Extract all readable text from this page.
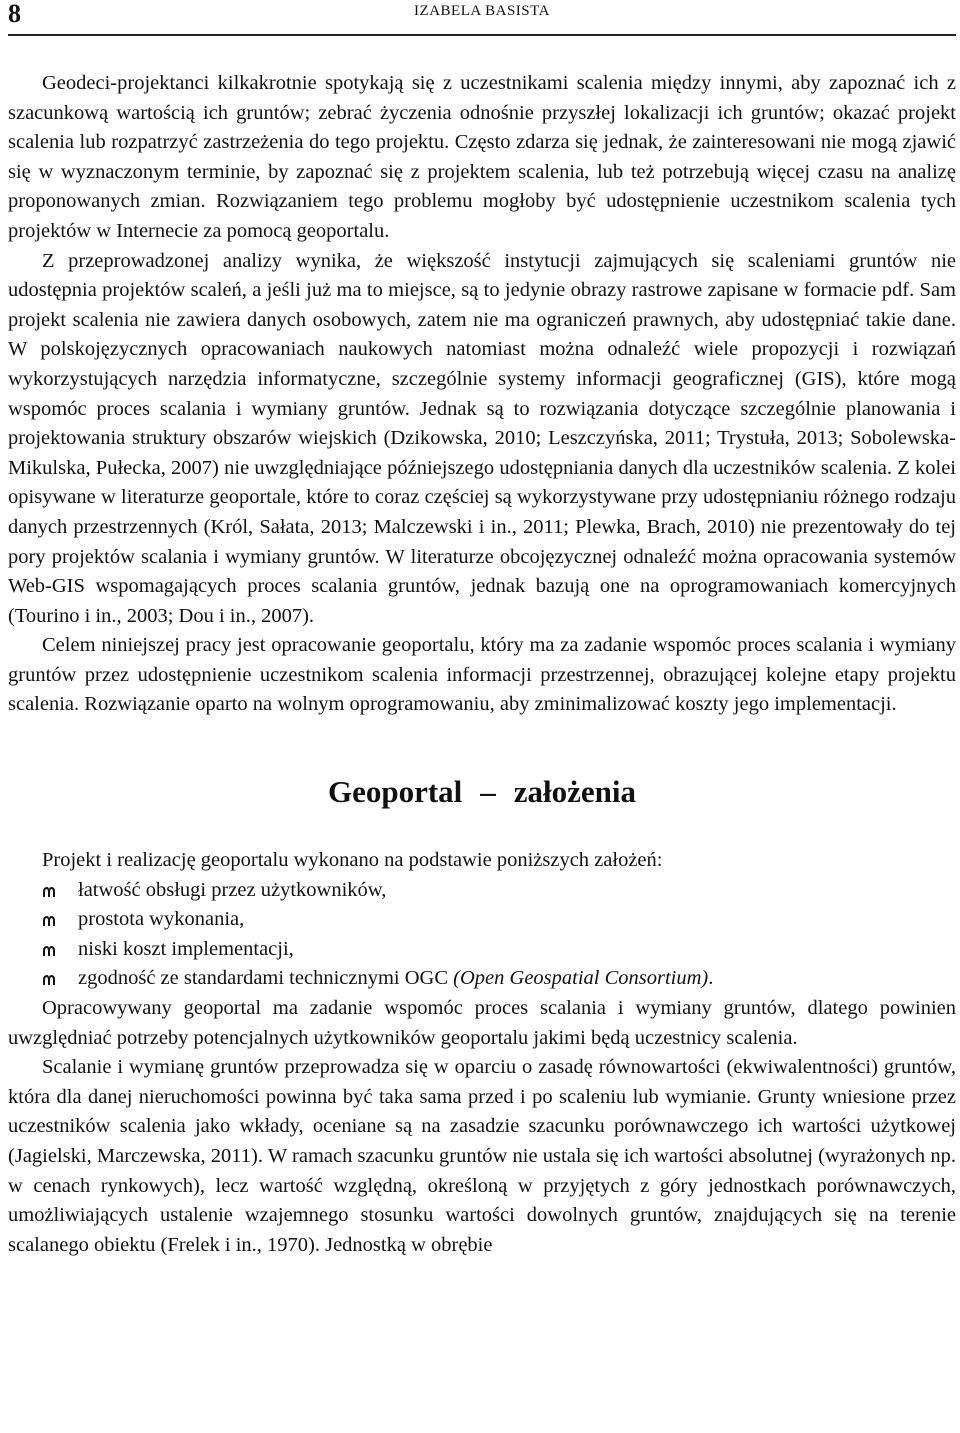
8	IZABELA BASISTA

Geodeci-projektanci kilkakrotnie spotykają się z uczestnikami scalenia między innymi, aby zapoznać ich z szacunkową wartością ich gruntów; zebrać życzenia odnośnie przyszłej lokalizacji ich gruntów; okazać projekt scalenia lub rozpatrzyć zastrzeżenia do tego projektu. Często zdarza się jednak, że zainteresowani nie mogą zjawić się w wyznaczonym terminie, by zapoznać się z projektem scalenia, lub też potrzebują więcej czasu na analizę proponowanych zmian. Rozwiązaniem tego problemu mogłoby być udostępnienie uczestnikom scalenia tych projektów w Internecie za pomocą geoportalu.

Z przeprowadzonej analizy wynika, że większość instytucji zajmujących się scaleniami gruntów nie udostępnia projektów scaleń, a jeśli już ma to miejsce, są to jedynie obrazy rastrowe zapisane w formacie pdf. Sam projekt scalenia nie zawiera danych osobowych, zatem nie ma ograniczeń prawnych, aby udostępniać takie dane. W polskojęzycznych opracowaniach naukowych natomiast można odnaleźć wiele propozycji i rozwiązań wykorzystujących narzędzia informatyczne, szczególnie systemy informacji geograficznej (GIS), które mogą wspomóc proces scalania i wymiany gruntów. Jednak są to rozwiązania dotyczące szczególnie planowania i projektowania struktury obszarów wiejskich (Dzikowska, 2010; Leszczyńska, 2011; Trystuła, 2013; Sobolewska-Mikulska, Pułecka, 2007) nie uwzględniające późniejszego udostępniania danych dla uczestników scalenia. Z kolei opisywane w literaturze geoportale, które to coraz częściej są wykorzystywane przy udostępnianiu różnego rodzaju danych przestrzennych (Król, Sałata, 2013; Malczewski i in., 2011; Plewka, Brach, 2010) nie prezentowały do tej pory projektów scalania i wymiany gruntów. W literaturze obcojęzycznej odnaleźć można opracowania systemów Web-GIS wspomagających proces scalania gruntów, jednak bazują one na oprogramowaniach komercyjnych (Tourino i in., 2003; Dou i in., 2007).

Celem niniejszej pracy jest opracowanie geoportalu, który ma za zadanie wspomóc proces scalania i wymiany gruntów przez udostępnienie uczestnikom scalenia informacji przestrzennej, obrazującej kolejne etapy projektu scalenia. Rozwiązanie oparto na wolnym oprogramowaniu, aby zminimalizować koszty jego implementacji.

Geoportal – założenia

Projekt i realizację geoportalu wykonano na podstawie poniższych założeń:

łatwość obsługi przez użytkowników,
prostota wykonania,
niski koszt implementacji,
zgodność ze standardami technicznymi OGC (Open Geospatial Consortium).

Opracowywany geoportal ma zadanie wspomóc proces scalania i wymiany gruntów, dlatego powinien uwzględniać potrzeby potencjalnych użytkowników geoportalu jakimi będą uczestnicy scalenia.

Scalanie i wymianę gruntów przeprowadza się w oparciu o zasadę równowartości (ekwiwalentności) gruntów, która dla danej nieruchomości powinna być taka sama przed i po scaleniu lub wymianie. Grunty wniesione przez uczestników scalenia jako wkłady, oceniane są na zasadzie szacunku porównawczego ich wartości użytkowej (Jagielski, Marczewska, 2011). W ramach szacunku gruntów nie ustala się ich wartości absolutnej (wyrażonych np. w cenach rynkowych), lecz wartość względną, określoną w przyjętych z góry jednostkach porównawczych, umożliwiających ustalenie wzajemnego stosunku wartości dowolnych gruntów, znajdujących się na terenie scalanego obiektu (Frelek i in., 1970). Jednostką w obrębie
